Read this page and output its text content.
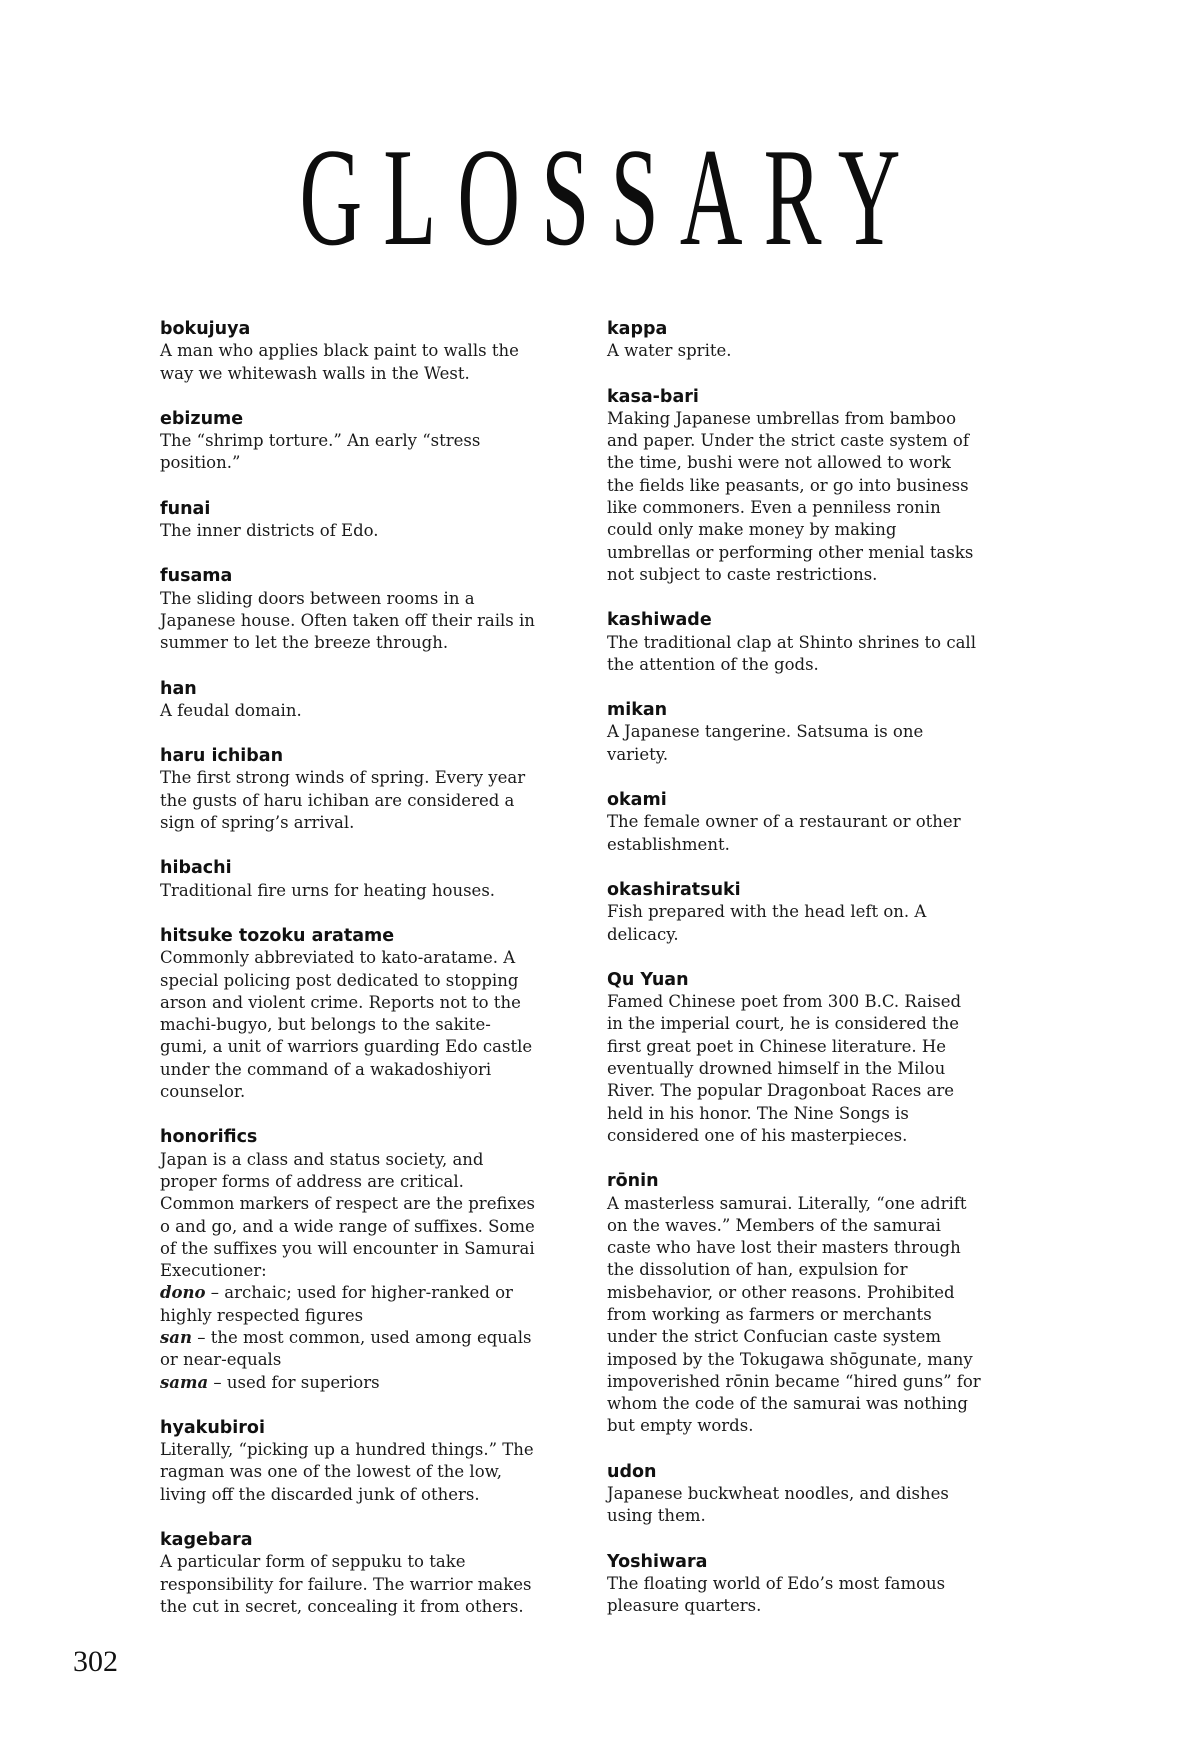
GLOSSARY
bokujuya
A man who applies black paint to walls the way we whitewash walls in the West.
ebizume
The “shrimp torture.” An early “stress position.”
funai
The inner districts of Edo.
fusama
The sliding doors between rooms in a Japanese house. Often taken off their rails in summer to let the breeze through.
han
A feudal domain.
haru ichiban
The first strong winds of spring. Every year the gusts of haru ichiban are considered a sign of spring’s arrival.
hibachi
Traditional fire urns for heating houses.
hitsuke tozoku aratame
Commonly abbreviated to kato-aratame. A special policing post dedicated to stopping arson and violent crime. Reports not to the machi-bugyo, but belongs to the sakite-gumi, a unit of warriors guarding Edo castle under the command of a wakadoshiyori counselor.
honorifics
Japan is a class and status society, and proper forms of address are critical. Common markers of respect are the prefixes o and go, and a wide range of suffixes. Some of the suffixes you will encounter in Samurai Executioner:
dono – archaic; used for higher-ranked or highly respected figures
san – the most common, used among equals or near-equals
sama – used for superiors
hyakubiroi
Literally, “picking up a hundred things.” The ragman was one of the lowest of the low, living off the discarded junk of others.
kagebara
A particular form of seppuku to take responsibility for failure. The warrior makes the cut in secret, concealing it from others.
kappa
A water sprite.
kasa-bari
Making Japanese umbrellas from bamboo and paper. Under the strict caste system of the time, bushi were not allowed to work the fields like peasants, or go into business like commoners. Even a penniless ronin could only make money by making umbrellas or performing other menial tasks not subject to caste restrictions.
kashiwade
The traditional clap at Shinto shrines to call the attention of the gods.
mikan
A Japanese tangerine. Satsuma is one variety.
okami
The female owner of a restaurant or other establishment.
okashiratsuki
Fish prepared with the head left on. A delicacy.
Qu Yuan
Famed Chinese poet from 300 B.C. Raised in the imperial court, he is considered the first great poet in Chinese literature. He eventually drowned himself in the Milou River. The popular Dragonboat Races are held in his honor. The Nine Songs is considered one of his masterpieces.
rōnin
A masterless samurai. Literally, “one adrift on the waves.” Members of the samurai caste who have lost their masters through the dissolution of han, expulsion for misbehavior, or other reasons. Prohibited from working as farmers or merchants under the strict Confucian caste system imposed by the Tokugawa shōgunate, many impoverished rōnin became “hired guns” for whom the code of the samurai was nothing but empty words.
udon
Japanese buckwheat noodles, and dishes using them.
Yoshiwara
The floating world of Edo’s most famous pleasure quarters.
302
